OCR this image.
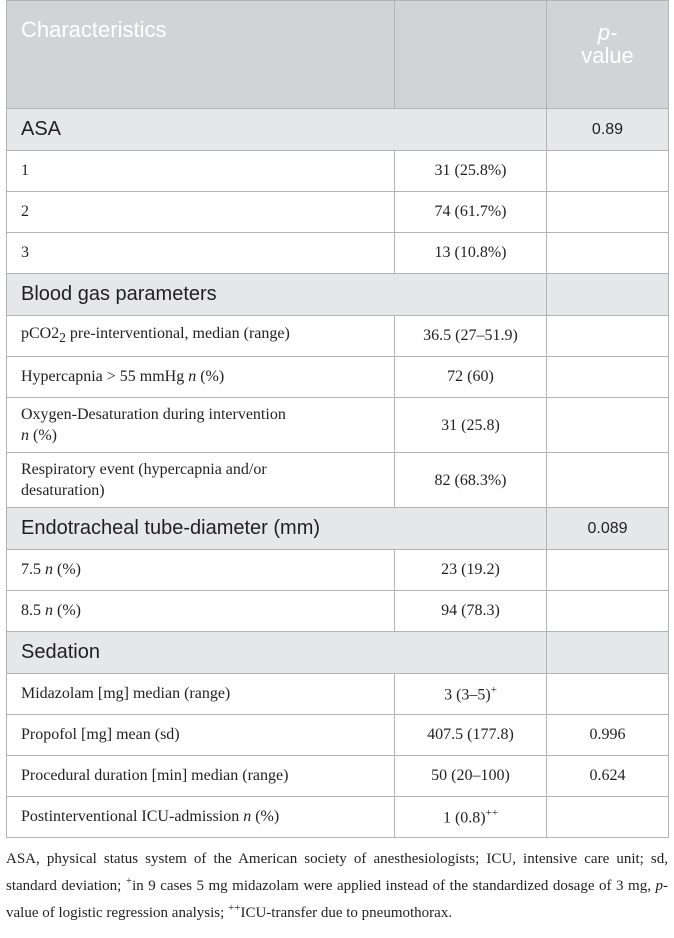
Characteristics		p-
value
ASA		0.89
1	31 (25.8%)	
2	74 (61.7%)	
3	13 (10.8%)	
Blood gas parameters		
$pCO2_2$ pre-interventional, median (range)	36.5 (27–51.9)	
Hypercapnia > 55 mmHg n (%)	72 (60)	
Oxygen-Desaturation during intervention
n (%)	31 (25.8)	
Respiratory event (hypercapnia and/or
desaturation)	82 (68.3%)	
Endotracheal tube-diameter (mm)		0.089
7.5 n (%)	23 (19.2)	
8.5 n (%)	94 (78.3)	
Sedation		
Midazolam [mg] median (range)	3 (3–5)+	
Propofol [mg] mean (sd)	407.5 (177.8)	0.996
Procedural duration [min] median (range)	50 (20–100)	0.624
Postinterventional ICU-admission n (%)	1 (0.8)++	
ASA, physical status system of the American society of anesthesiologists; ICU, intensive care unit; sd, standard deviation; +in 9 cases 5 mg midazolam were applied instead of the standardized dosage of 3 mg, p-value of logistic regression analysis; ++ICU-transfer due to pneumothorax.
